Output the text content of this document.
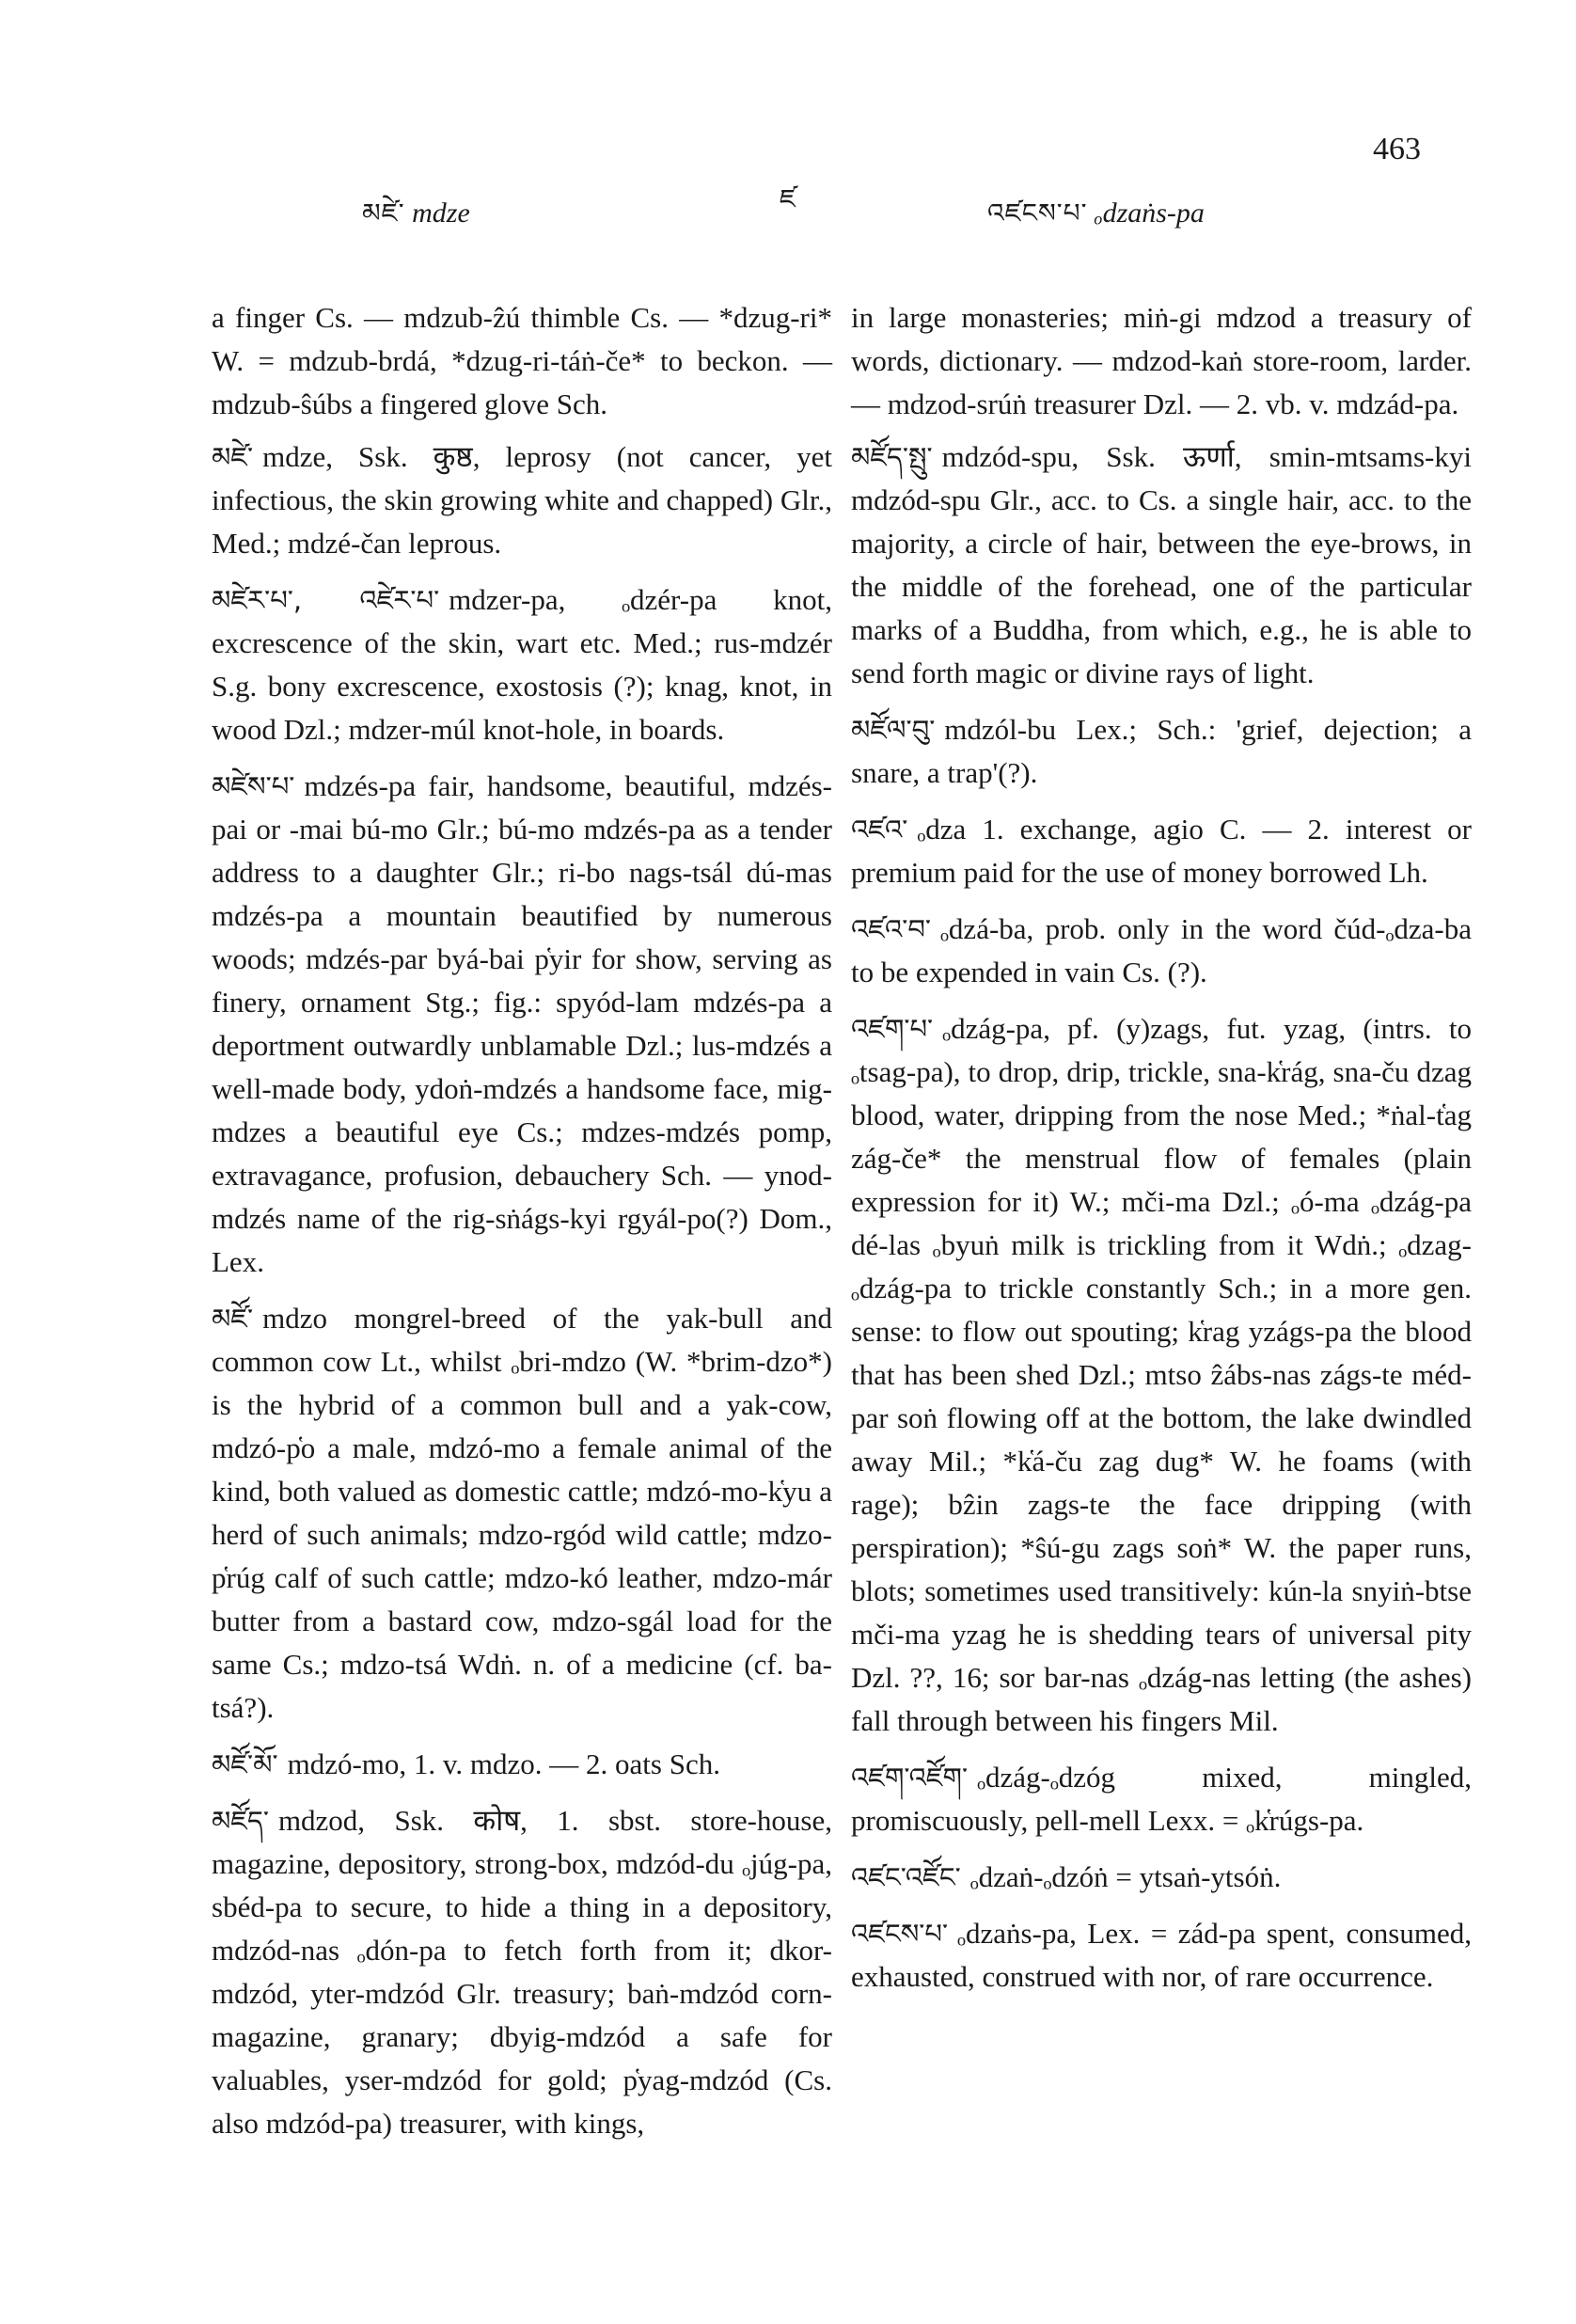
མཛེ་ mdze	ཛ	འཛངས་པ་ ₒdzaṅs-pa
463

a finger Cs. — mdzub-ẑú thimble Cs. — *dzug-ri* W. = mdzub-brdá, *dzug-ri-táṅ-če* to beckon. — mdzub-ŝúbs a fingered glove Sch.

མཛེ་ mdze, Ssk. कुष्ठ, leprosy (not cancer, yet infectious, the skin growing white and chapped) Glr., Med.; mdzé-čan leprous.

མཛེར་པ་, འཛེར་པ་ mdzer-pa, ₒdzér-pa knot, excrescence of the skin, wart etc. Med.; rus-mdzér S.g. bony excrescence, exostosis (?); knag, knot, in wood Dzl.; mdzer-múl knot-hole, in boards.

མཛེས་པ་ mdzés-pa fair, handsome, beautiful, mdzés-pai or -mai bú-mo Glr.; bú-mo mdzés-pa as a tender address to a daughter Glr.; ri-bo nags-tsál dú-mas mdzés-pa a mountain beautified by numerous woods; mdzés-par byá-bai p̔yir for show, serving as finery, ornament Stg.; fig.: spyód-lam mdzés-pa a deportment outwardly unblamable Dzl.; lus-mdzés a well-made body, ydoṅ-mdzés a handsome face, mig-mdzes a beautiful eye Cs.; mdzes-mdzés pomp, extravagance, profusion, debauchery Sch. — ynod-mdzés name of the rig-sṅágs-kyi rgyál-po(?) Dom., Lex.

མཛོ་ mdzo mongrel-breed of the yak-bull and common cow Lt., whilst ₒbri-mdzo (W. *brim-dzo*) is the hybrid of a common bull and a yak-cow, mdzó-p̔o a male, mdzó-mo a female animal of the kind, both valued as domestic cattle; mdzó-mo-k̔yu a herd of such animals; mdzo-rgód wild cattle; mdzo-p̔rúg calf of such cattle; mdzo-kó leather, mdzo-már butter from a bastard cow, mdzo-sgál load for the same Cs.; mdzo-tsá Wdṅ. n. of a medicine (cf. ba-tsá?).

མཛོ་མོ་ mdzó-mo, 1. v. mdzo. — 2. oats Sch.

མཛོད་ mdzod, Ssk. कोष, 1. sbst. store-house, magazine, depository, strong-box, mdzód-du ₒjúg-pa, sbéd-pa to secure, to hide a thing in a depository, mdzód-nas ₒdón-pa to fetch forth from it; dkor-mdzód, yter-mdzód Glr. treasury; baṅ-mdzód corn-magazine, granary; dbyig-mdzód a safe for valuables, yser-mdzód for gold; p̔yag-mdzód (Cs. also mdzód-pa) treasurer, with kings,

in large monasteries; miṅ-gi mdzod a treasury of words, dictionary. — mdzod-kaṅ store-room, larder. — mdzod-srúṅ treasurer Dzl. — 2. vb. v. mdzád-pa.

མཛོད་སྤུ་ mdzód-spu, Ssk. ऊर्णा, smin-mtsams-kyi mdzód-spu Glr., acc. to Cs. a single hair, acc. to the majority, a circle of hair, between the eye-brows, in the middle of the forehead, one of the particular marks of a Buddha, from which, e.g., he is able to send forth magic or divine rays of light.

མཛོལ་བུ་ mdzól-bu Lex.; Sch.: 'grief, dejection; a snare, a trap'(?).

འཛའ་ ₒdza 1. exchange, agio C. — 2. interest or premium paid for the use of money borrowed Lh.

འཛའ་བ་ ₒdzá-ba, prob. only in the word čúd-ₒdza-ba to be expended in vain Cs. (?).

འཛག་པ་ ₒdzág-pa, pf. (y)zags, fut. yzag, (intrs. to ₒtsag-pa), to drop, drip, trickle, sna-k̔rág, sna-ču dzag blood, water, dripping from the nose Med.; *ṅal-t̔ag zág-če* the menstrual flow of females (plain expression for it) W.; mči-ma Dzl.; ₒó-ma ₒdzág-pa dé-las ₒbyuṅ milk is trickling from it Wdṅ.; ₒdzag-ₒdzág-pa to trickle constantly Sch.; in a more gen. sense: to flow out spouting; k̔rag yzágs-pa the blood that has been shed Dzl.; mtso ẑábs-nas zágs-te méd-par soṅ flowing off at the bottom, the lake dwindled away Mil.; *k̔á-ču zag dug* W. he foams (with rage); bẑin zags-te the face dripping (with perspiration); *ŝú-gu zags soṅ* W. the paper runs, blots; sometimes used transitively: kún-la snyiṅ-btse mči-ma yzag he is shedding tears of universal pity Dzl. ??, 16; sor bar-nas ₒdzág-nas letting (the ashes) fall through between his fingers Mil.

འཛག་འཛོག་ ₒdzág-ₒdzóg mixed, mingled, promiscuously, pell-mell Lexx. = ₒk̔rúgs-pa.

འཛང་འཛོང་ ₒdzaṅ-ₒdzóṅ = ytsaṅ-ytsóṅ.

འཛངས་པ་ ₒdzaṅs-pa, Lex. = zád-pa spent, consumed, exhausted, construed with nor, of rare occurrence.
